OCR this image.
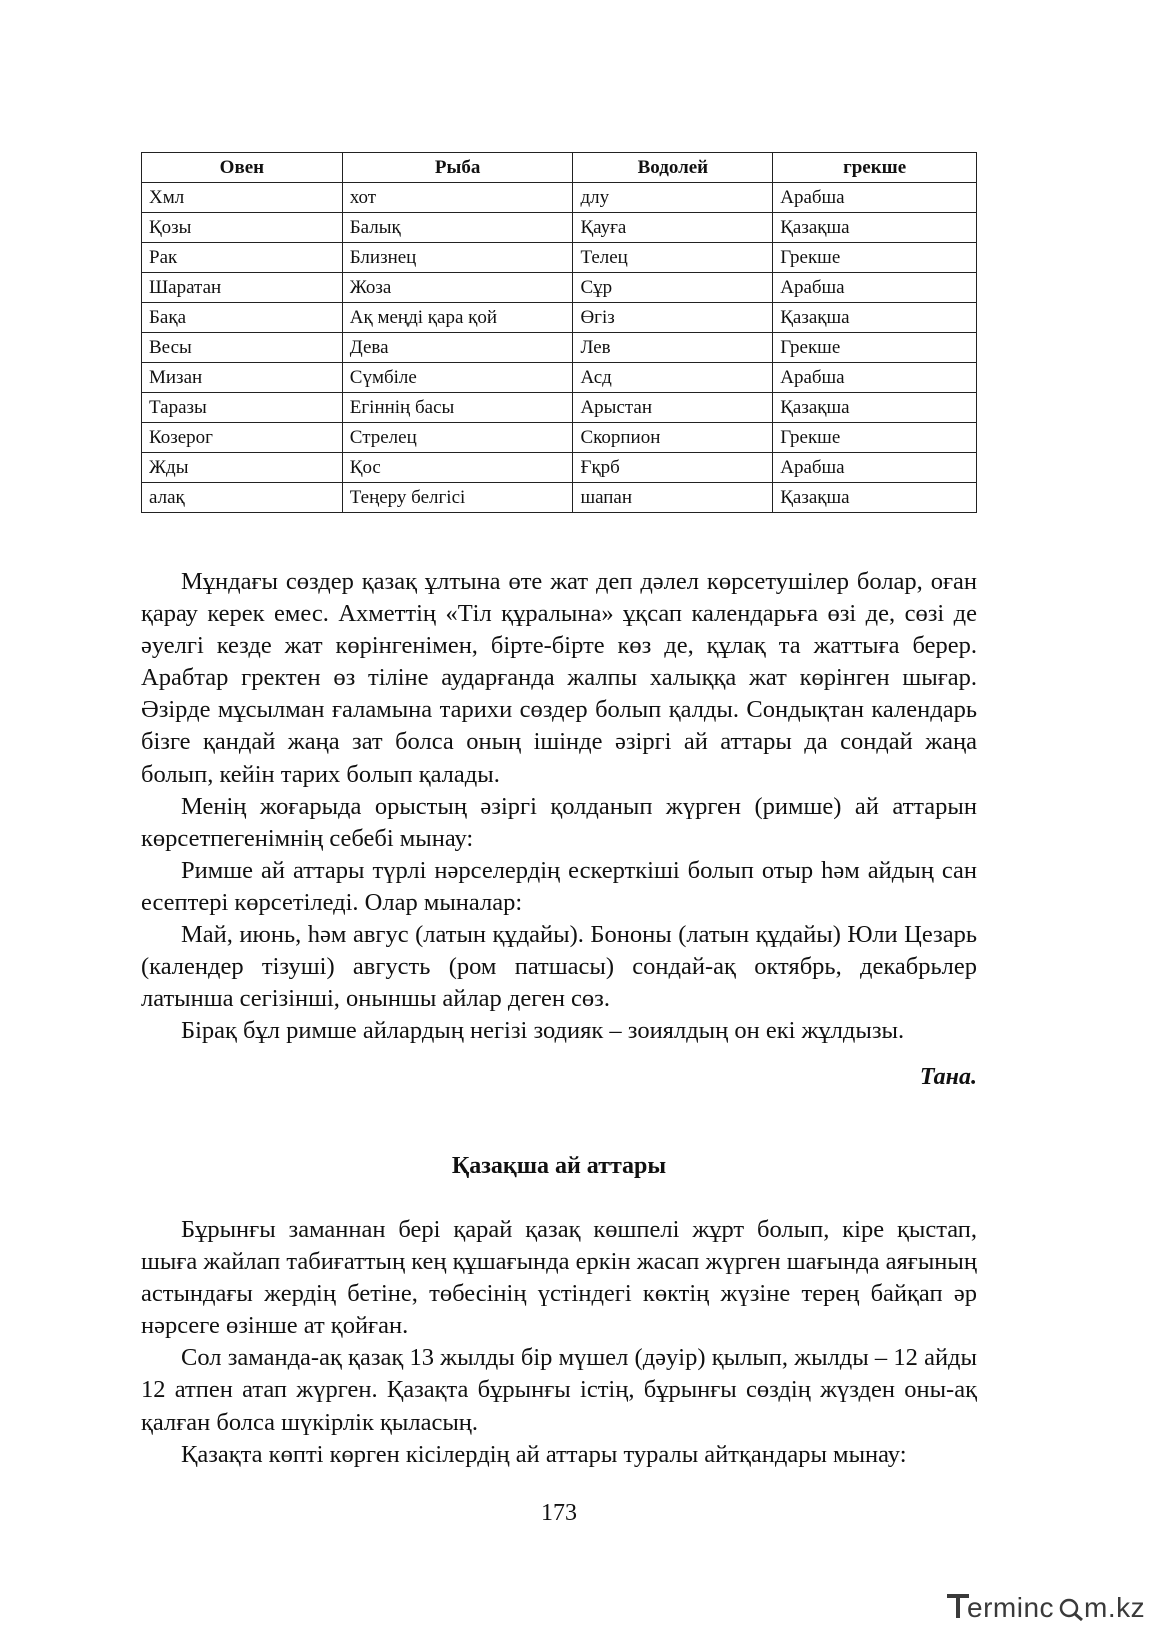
Овен	Рыба	Водолей	грекше
Хмл	хот	длу	Арабша
Қозы	Балық	Қауға	Қазақша
Рак	Близнец	Телец	Грекше
Шаратан	Жоза	Сұр	Арабша
Бақа	Ақ меңді қара қой	Өгіз	Қазақша
Весы	Дева	Лев	Грекше
Мизан	Сүмбіле	Асд	Арабша
Таразы	Егіннің басы	Арыстан	Қазақша
Козерог	Стрелец	Скорпион	Грекше
Жды	Қос	Ғқрб	Арабша
алақ	Теңеру белгісі	шапан	Қазақша

Мұндағы сөздер қазақ ұлтына өте жат деп дәлел көрсетушілер болар, оған қарау керек емес. Ахметтің «Тіл құралына» ұқсап календарьға өзі де, сөзі де әуелгі кезде жат көрінгенімен, бірте-бірте көз де, құлақ та жаттыға берер. Арабтар гректен өз тіліне аударғанда жалпы халыққа жат көрінген шығар. Әзірде мұсылман ғаламына тарихи сөздер болып қалды. Сондықтан календарь бізге қандай жаңа зат болса оның ішінде әзіргі ай аттары да сондай жаңа болып, кейін тарих болып қалады.

Менің жоғарыда орыстың әзіргі қолданып жүрген (римше) ай аттарын көрсетпегенімнің себебі мынау:

Римше ай аттары түрлі нәрселердің ескерткіші болып отыр һәм айдың сан есептері көрсетіледі. Олар мыналар:

Май, июнь, һәм авгус (латын құдайы). Бононы (латын құдайы) Юли Цезарь (календер тізуші) августь (ром патшасы) сондай-ақ октябрь, декабрьлер латынша сегізінші, оныншы айлар деген сөз.

Бірақ бұл римше айлардың негізі зодияк – зоиялдың он екі жұлдызы.

Тана.
Қазақша ай аттары

Бұрынғы заманнан бері қарай қазақ көшпелі жұрт болып, кіре қыстап, шыға жайлап табиғаттың кең құшағында еркін жасап жүрген шағында аяғының астындағы жердің бетіне, төбесінің үстіндегі көктің жүзіне терең байқап әр нәрсеге өзінше ат қойған.

Сол заманда-ақ қазақ 13 жылды бір мүшел (дәуір) қылып, жылды – 12 айды 12 атпен атап жүрген. Қазақта бұрынғы істің, бұрынғы сөздің жүзден оны-ақ қалған болса шүкірлік қыласың.

Қазақта көпті көрген кісілердің ай аттары туралы айтқандары мынау:

173
erminc m.kz
